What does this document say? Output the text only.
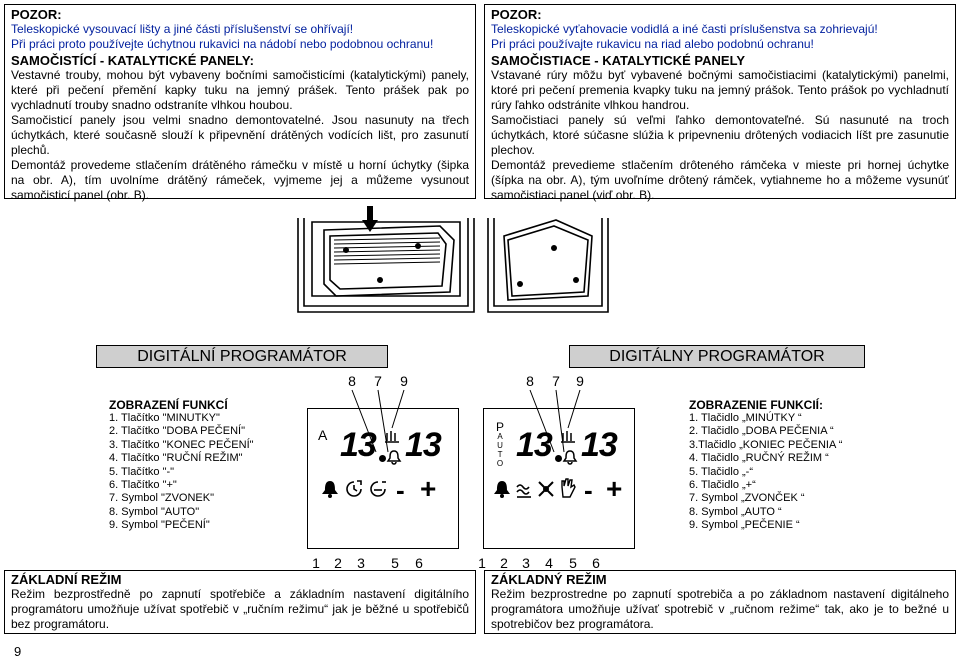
POZOR:
Teleskopické vysouvací lišty a jiné části příslušenství se ohřívají!
Při práci proto používejte úchytnou rukavici na nádobí nebo podobnou ochranu!
SAMOČISTÍCÍ - KATALYTICKÉ PANELY:
Vestavné trouby, mohou být vybaveny bočními samočisticími (katalytickými) panely, které při pečení přemění kapky tuku na jemný prášek. Tento prášek pak po vychladnutí trouby snadno odstraníte vlhkou houbou.
Samočisticí panely jsou velmi snadno demontovatelné. Jsou nasunuty na třech úchytkách, které současně slouží k připevnění drátěných vodících lišt, pro zasunutí plechů.
Demontáž provedeme stlačením drátěného rámečku v místě u horní úchytky (šipka na obr. A), tím uvolníme drátěný rámeček, vyjmeme jej a můžeme vysunout samočisticí panel (obr. B).
POZOR:
Teleskopické vyťahovacie vodidlá a iné časti príslušenstva sa zohrievajú!
Pri práci používajte rukavicu na riad alebo podobnú ochranu!
SAMOČISTIACE - KATALYTICKÉ PANELY
Vstavané rúry môžu byť vybavené bočnými samočistiacimi (katalytickými) panelmi, ktoré pri pečení premenia kvapky tuku na jemný prášok. Tento prášok po vychladnutí rúry ľahko odstránite vlhkou handrou.
Samočistiaci panely sú veľmi ľahko demontovateľné. Sú nasunuté na troch úchytkách, ktoré súčasne slúžia k pripevneniu drôtených vodiacich líšt pre zasunutie plechov.
Demontáž prevedieme stlačením drôteného rámčeka v mieste pri hornej úchytke (šípka na obr. A), tým uvoľníme drôtený rámček, vytiahneme ho a môžeme vysunúť samočistiaci panel (viď obr. B).
DIGITÁLNÍ PROGRAMÁTOR	DIGITÁLNY PROGRAMÁTOR
8 7 9
ZOBRAZENÍ FUNKCÍ
1. Tlačítko "MINUTKY"
2. Tlačítko "DOBA PEČENÍ"
3. Tlačítko "KONEC PEČENÍ"
4. Tlačítko "RUČNÍ REŽIM"
5. Tlačítko "-"
6. Tlačítko "+"
7. Symbol "ZVONEK"
8. Symbol "AUTO"
9. Symbol "PEČENÍ"
A 13 13
- +
1 2 3 5 6
8 7 9
P
A
U
T
O 13 13
- +
ZOBRAZENIE FUNKCIÍ:
1. Tlačidlo „MINÚTKY “
2. Tlačidlo „DOBA PEČENIA “
3.Tlačidlo „KONIEC PEČENIA “
4. Tlačidlo „RUČNÝ REŽIM “
5. Tlačidlo „-“
6. Tlačidlo „+“
7. Symbol „ZVONČEK “
8. Symbol „AUTO “
9. Symbol „PEČENIE “
1 2 3 4 5 6
ZÁKLADNÍ REŽIM
Režim bezprostředně po zapnutí spotřebiče a základním nastavení digitálního programátoru umožňuje užívat spotřebič v „ručním režimu“ jak je běžné u spotřebičů bez programátoru.
ZÁKLADNÝ REŽIM
Režim bezprostredne po zapnutí spotrebiča a po základnom nastavení digitálneho programátora umožňuje užívať spotrebič v „ručnom režime“ tak, ako je to bežné u spotrebičov bez programátora.
9
